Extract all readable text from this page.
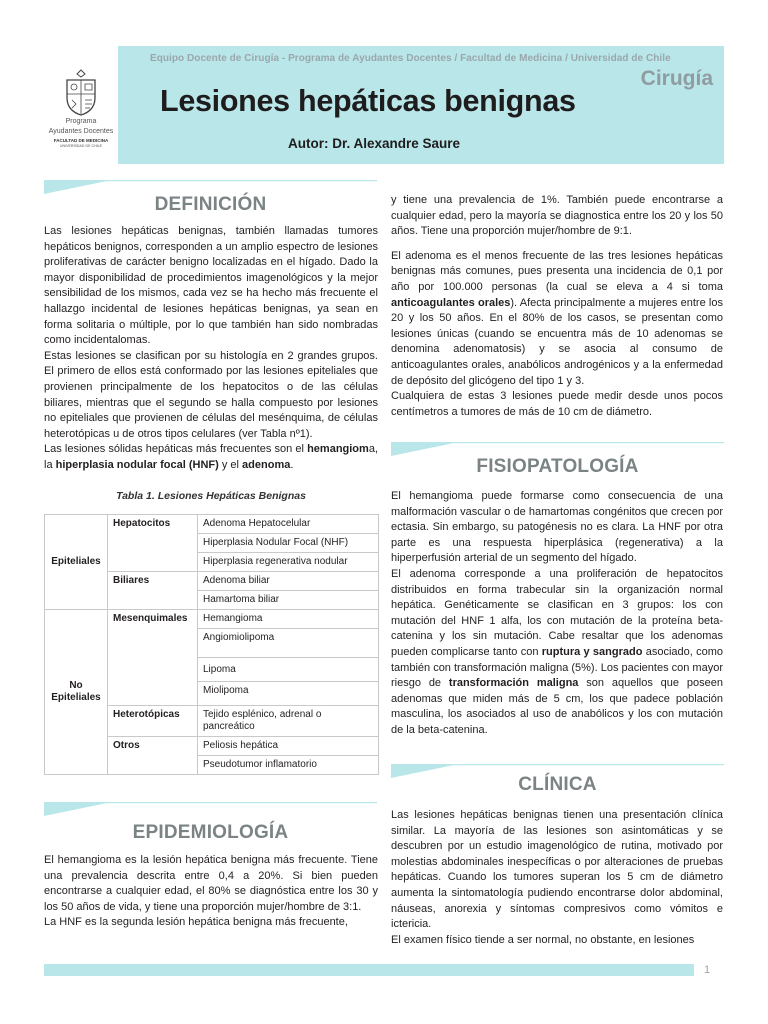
Programa
Ayudantes Docentes
FACULTAD DE MEDICINA
UNIVERSIDAD DE CHILE
Equipo Docente de Cirugía - Programa de Ayudantes Docentes / Facultad de Medicina / Universidad de Chile
Cirugía
Lesiones hepáticas benignas
Autor: Dr. Alexandre Saure
DEFINICIÓN

Las lesiones hepáticas benignas, también llamadas tumores hepáticos benignos, corresponden a un amplio espectro de lesiones proliferativas de carácter benigno localizadas en el hígado. Dado la mayor disponibilidad de procedimientos imagenológicos y la mejor sensibilidad de los mismos, cada vez se ha hecho más frecuente el hallazgo incidental de lesiones hepáticas benignas, ya sean en forma solitaria o múltiple, por lo que también han sido nombradas como incidentalomas.

Estas lesiones se clasifican por su histología en 2 grandes grupos. El primero de ellos está conformado por las lesiones epiteliales que provienen principalmente de los hepatocitos o de las células biliares, mientras que el segundo se halla compuesto por lesiones no epiteliales que provienen de células del mesénquima, de células heterotópicas u de otros tipos celulares (ver Tabla nº1).

Las lesiones sólidas hepáticas más frecuentes son el hemangioma, la hiperplasia nodular focal (HNF) y el adenoma.

Tabla 1. Lesiones Hepáticas Benignas
Epiteliales	Hepatocitos	Adenoma Hepatocelular
		Hiperplasia Nodular Focal (NHF)
		Hiperplasia regenerativa nodular
	Biliares	Adenoma biliar
		Hamartoma biliar
No Epiteliales	Mesenquimales	Hemangioma
		Angiomiolipoma
		Lipoma
		Miolipoma
	Heterotópicas	Tejido esplénico, adrenal o pancreático
	Otros	Peliosis hepática
		Pseudotumor inflamatorio
EPIDEMIOLOGÍA

El hemangioma es la lesión hepática benigna más frecuente. Tiene una prevalencia descrita entre 0,4 a 20%. Si bien pueden encontrarse a cualquier edad, el 80% se diagnóstica entre los 30 y los 50 años de vida, y tiene una proporción mujer/hombre de 3:1.

La HNF es la segunda lesión hepática benigna más frecuente,

y tiene una prevalencia de 1%. También puede encontrarse a cualquier edad, pero la mayoría se diagnostica entre los 20 y los 50 años. Tiene una proporción mujer/hombre de 9:1.

El adenoma es el menos frecuente de las tres lesiones hepáticas benignas más comunes, pues presenta una incidencia de 0,1 por año por 100.000 personas (la cual se eleva a 4 si toma anticoagulantes orales). Afecta principalmente a mujeres entre los 20 y los 50 años. En el 80% de los casos, se presentan como lesiones únicas (cuando se encuentra más de 10 adenomas se denomina adenomatosis) y se asocia al consumo de anticoagulantes orales, anabólicos androgénicos y a la enfermedad de depósito del glicógeno del tipo 1 y 3.

Cualquiera de estas 3 lesiones puede medir desde unos pocos centímetros a tumores de más de 10 cm de diámetro.

FISIOPATOLOGÍA

El hemangioma puede formarse como consecuencia de una malformación vascular o de hamartomas congénitos que crecen por ectasia. Sin embargo, su patogénesis no es clara. La HNF por otra parte es una respuesta hiperplásica (regenerativa) a la hiperperfusión arterial de un segmento del hígado.

El adenoma corresponde a una proliferación de hepatocitos distribuidos en forma trabecular sin la organización normal hepática. Genéticamente se clasifican en 3 grupos: los con mutación del HNF 1 alfa, los con mutación de la proteína beta-catenina y los sin mutación. Cabe resaltar que los adenomas pueden complicarse tanto con ruptura y sangrado asociado, como también con transformación maligna (5%). Los pacientes con mayor riesgo de transformación maligna son aquellos que poseen adenomas que miden más de 5 cm, los que padece población masculina, los asociados al uso de anabólicos y los con mutación de la beta-catenina.

CLÍNICA

Las lesiones hepáticas benignas tienen una presentación clínica similar. La mayoría de las lesiones son asintomáticas y se descubren por un estudio imagenológico de rutina, motivado por molestias abdominales inespecíficas o por alteraciones de pruebas hepáticas. Cuando los tumores superan los 5 cm de diámetro aumenta la sintomatología pudiendo encontrarse dolor abdominal, náuseas, anorexia y síntomas compresivos como vómitos e ictericia.

El examen físico tiende a ser normal, no obstante, en lesiones

1
